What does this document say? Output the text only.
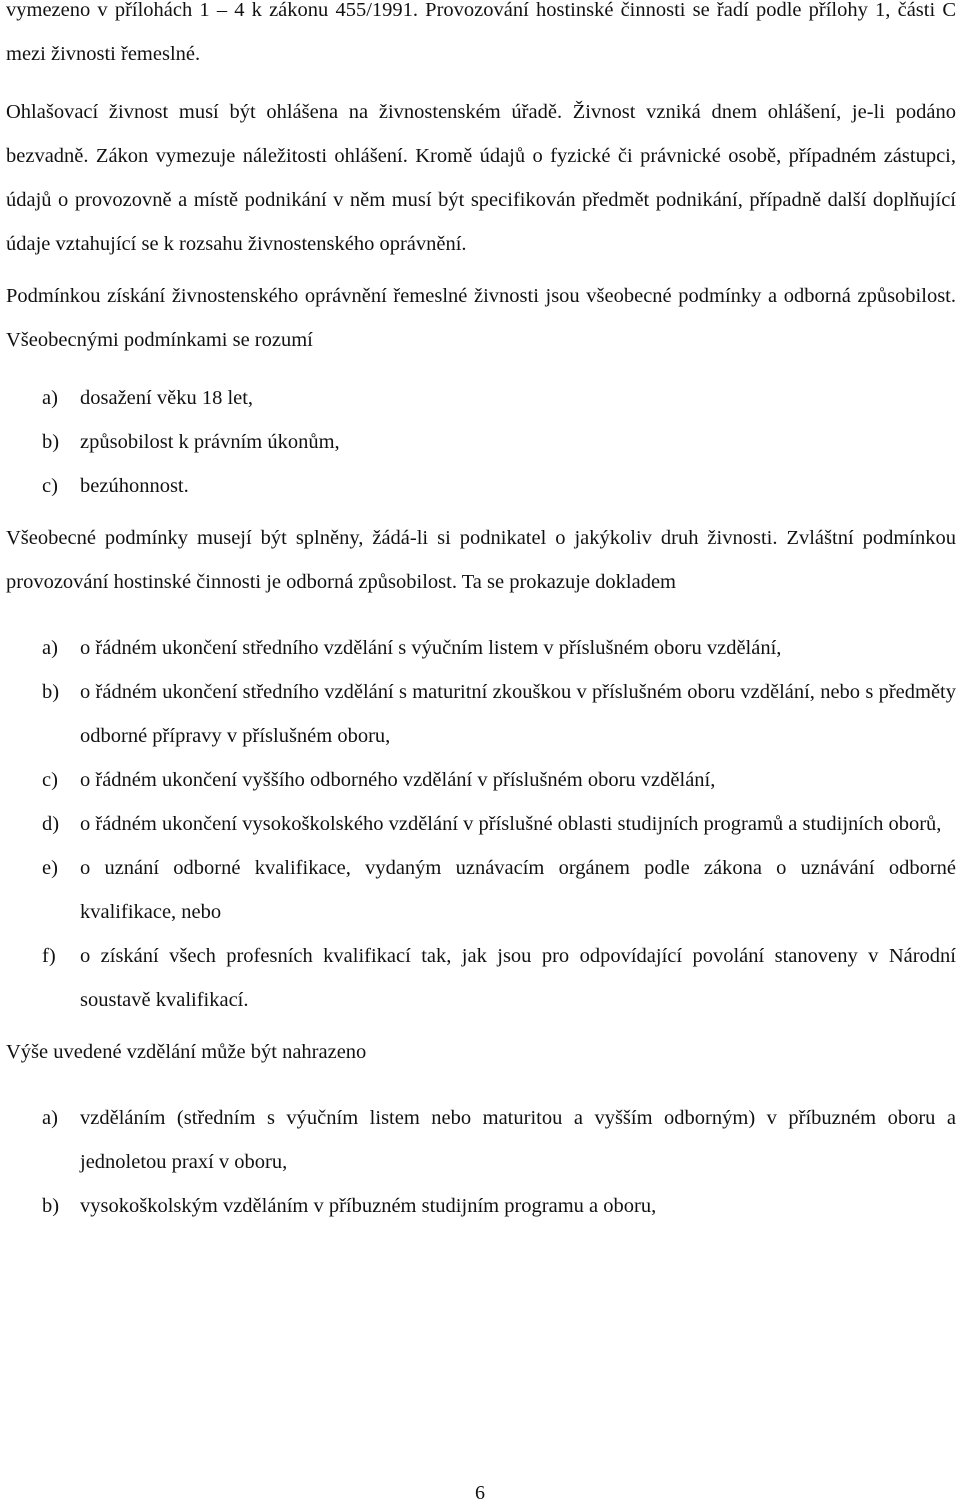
vymezeno v přílohách 1 – 4 k zákonu 455/1991. Provozování hostinské činnosti se řadí podle přílohy 1, části C mezi živnosti řemeslné.

Ohlašovací živnost musí být ohlášena na živnostenském úřadě. Živnost vzniká dnem ohlášení, je-li podáno bezvadně. Zákon vymezuje náležitosti ohlášení. Kromě údajů o fyzické či právnické osobě, případném zástupci, údajů o provozovně a místě podnikání v něm musí být specifikován předmět podnikání, případně další doplňující údaje vztahující se k rozsahu živnostenského oprávnění.

Podmínkou získání živnostenského oprávnění řemeslné živnosti jsou všeobecné podmínky a odborná způsobilost. Všeobecnými podmínkami se rozumí

a) dosažení věku 18 let,
b) způsobilost k právním úkonům,
c) bezúhonnost.

Všeobecné podmínky musejí být splněny, žádá-li si podnikatel o jakýkoliv druh živnosti. Zvláštní podmínkou provozování hostinské činnosti je odborná způsobilost. Ta se prokazuje dokladem

a) o řádném ukončení středního vzdělání s výučním listem v příslušném oboru vzdělání,
b) o řádném ukončení středního vzdělání s maturitní zkouškou v příslušném oboru vzdělání, nebo s předměty odborné přípravy v příslušném oboru,
c) o řádném ukončení vyššího odborného vzdělání v příslušném oboru vzdělání,
d) o řádném ukončení vysokoškolského vzdělání v příslušné oblasti studijních programů a studijních oborů,
e) o uznání odborné kvalifikace, vydaným uznávacím orgánem podle zákona o uznávání odborné kvalifikace, nebo
f) o získání všech profesních kvalifikací tak, jak jsou pro odpovídající povolání stanoveny v Národní soustavě kvalifikací.

Výše uvedené vzdělání může být nahrazeno

a) vzděláním (středním s výučním listem nebo maturitou a vyšším odborným) v příbuzném oboru a jednoletou praxí v oboru,
b) vysokoškolským vzděláním v příbuzném studijním programu a oboru,
6
